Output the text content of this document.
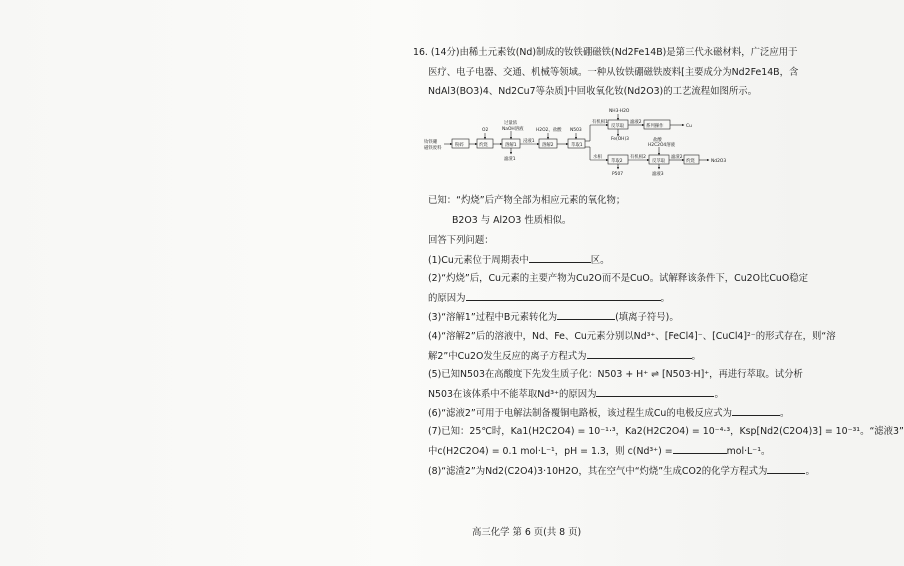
16. (14分)由稀土元素钕(Nd)制成的钕铁硼磁铁(Nd2Fe14B)是第三代永磁材料，广泛应用于
医疗、电子电器、交通、机械等领域。一种从钕铁硼磁铁废料[主要成分为Nd2Fe14B，含
NdAl3(BO3)4、Nd2Cu7等杂质]中回收氧化钕(Nd2O3)的工艺流程如图所示。
钕铁硼
磁铁废料
粉碎	灼烧	溶解1	溶解2	萃取1
反萃取	系列操作
萃取2	反萃取	灼烧
O2
过量浓
NaOH溶液	H2O2、盐酸 N503
NH3·H2O
盐酸
H2C2O4溶液
P507
浸液1
滤渣1
有机相1	滤液2
Cu
Fe(OH)3
水相	有机相2
滤液3
滤渣2
Nd2O3
已知：“灼烧”后产物全部为相应元素的氧化物；
B2O3 与 Al2O3 性质相似。
回答下列问题：
(1)Cu元素位于周期表中	区。
(2)“灼烧”后，Cu元素的主要产物为Cu2O而不是CuO。试解释该条件下，Cu2O比CuO稳定
的原因为	。
(3)“溶解1”过程中B元素转化为	(填离子符号)。
(4)“溶解2”后的溶液中，Nd、Fe、Cu元素分别以Nd³⁺、[FeCl4]⁻、[CuCl4]²⁻的形式存在，则“溶
解2”中Cu2O发生反应的离子方程式为	。
(5)已知N503在高酸度下先发生质子化：N503 + H⁺ ⇌ [N503·H]⁺，再进行萃取。试分析
N503在该体系中不能萃取Nd³⁺的原因为	。
(6)“滤液2”可用于电解法制备覆铜电路板，该过程生成Cu的电极反应式为	。
(7)已知：25℃时，Ka1(H2C2O4) = 10⁻¹·³，Ka2(H2C2O4) = 10⁻⁴·³，Ksp[Nd2(C2O4)3] = 10⁻³¹。“滤液3”
中c(H2C2O4) = 0.1 mol·L⁻¹，pH = 1.3，则 c(Nd³⁺) =	mol·L⁻¹。
(8)“滤渣2”为Nd2(C2O4)3·10H2O，其在空气中“灼烧”生成CO2的化学方程式为	。
高三化学 第 6 页(共 8 页)
